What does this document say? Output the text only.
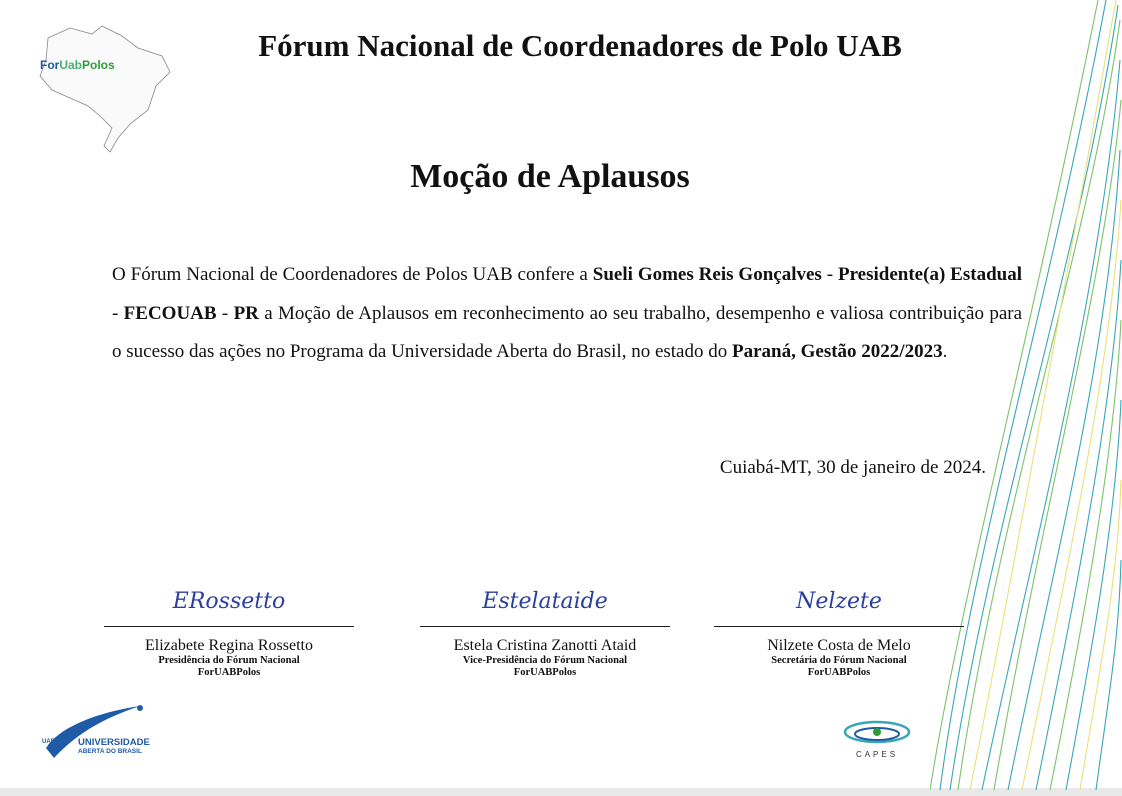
ForUabPolos
Fórum Nacional de Coordenadores de Polo UAB
Moção de Aplausos
O Fórum Nacional de Coordenadores de Polos UAB confere a Sueli Gomes Reis Gonçalves - Presidente(a) Estadual - FECOUAB - PR a Moção de Aplausos em reconhecimento ao seu trabalho, desempenho e valiosa contribuição para o sucesso das ações no Programa da Universidade Aberta do Brasil, no estado do Paraná, Gestão 2022/2023.
Cuiabá-MT, 30 de janeiro de 2024.
ERossetto
Elizabete Regina Rossetto
Presidência do Fórum Nacional
ForUABPolos
Estelataide
Estela Cristina Zanotti Ataid
Vice-Presidência do Fórum Nacional
ForUABPolos
Nelzete
Nilzete Costa de Melo
Secretária do Fórum Nacional
ForUABPolos
UAB UNIVERSIDADE
ABERTA DO BRASIL	CAPES
